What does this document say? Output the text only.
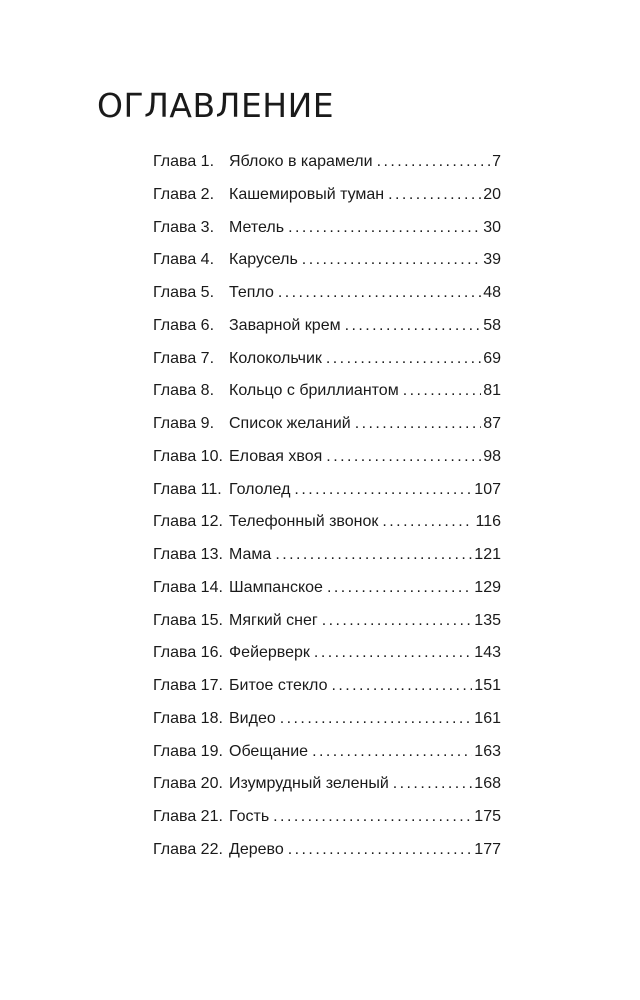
ОГЛАВЛЕНИЕ
Глава 1. Яблоко в карамели . . .	7
Глава 2. Кашемировый туман . . .	20
Глава 3. Метель . . .	30
Глава 4. Карусель . . .	39
Глава 5. Тепло . . .	48
Глава 6. Заварной крем . . .	58
Глава 7. Колокольчик . . .	69
Глава 8. Кольцо с бриллиантом . . .	81
Глава 9. Список желаний . . .	87
Глава 10. Еловая хвоя . . .	98
Глава 11. Гололед . . .	107
Глава 12. Телефонный звонок . . .	116
Глава 13. Мама . . .	121
Глава 14. Шампанское . . .	129
Глава 15. Мягкий снег . . .	135
Глава 16. Фейерверк . . .	143
Глава 17. Битое стекло . . .	151
Глава 18. Видео . . .	161
Глава 19. Обещание . . .	163
Глава 20. Изумрудный зеленый . . .	168
Глава 21. Гость . . .	175
Глава 22. Дерево . . .	177
